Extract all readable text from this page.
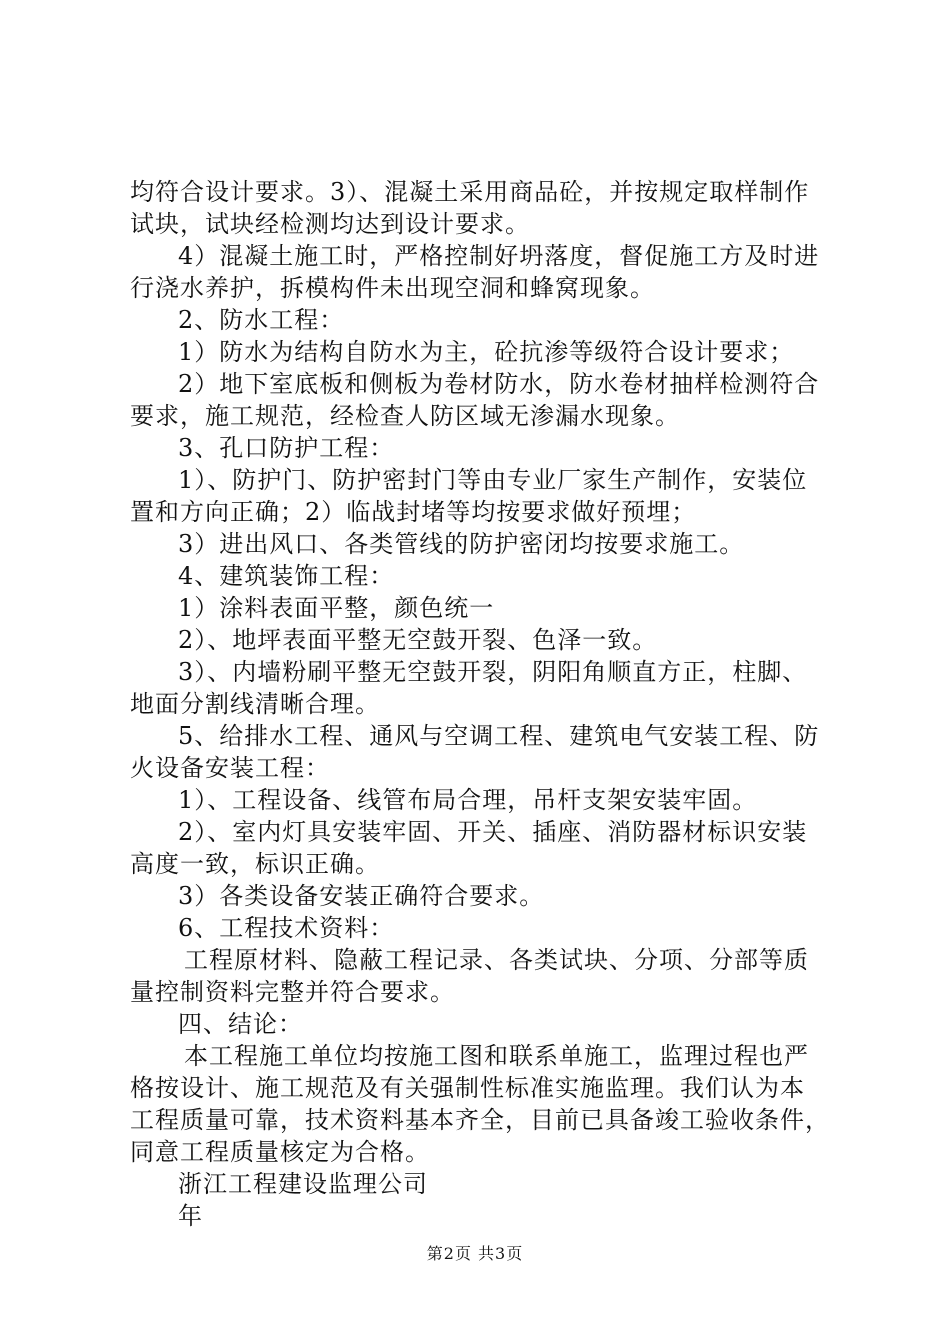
均符合设计要求。3）、混凝土采用商品砼，并按规定取样制作
试块，试块经检测均达到设计要求。
4）混凝土施工时，严格控制好坍落度，督促施工方及时进
行浇水养护，拆模构件未出现空洞和蜂窝现象。
2、防水工程：
1）防水为结构自防水为主，砼抗渗等级符合设计要求；
2）地下室底板和侧板为卷材防水，防水卷材抽样检测符合
要求，施工规范，经检查人防区域无渗漏水现象。
3、孔口防护工程：
1）、防护门、防护密封门等由专业厂家生产制作，安装位
置和方向正确；2）临战封堵等均按要求做好预埋；
3）进出风口、各类管线的防护密闭均按要求施工。
4、建筑装饰工程：
1）涂料表面平整，颜色统一
2）、地坪表面平整无空鼓开裂、色泽一致。
3）、内墙粉刷平整无空鼓开裂，阴阳角顺直方正，柱脚、
地面分割线清晰合理。
5、给排水工程、通风与空调工程、建筑电气安装工程、防
火设备安装工程：
1）、工程设备、线管布局合理，吊杆支架安装牢固。
2）、室内灯具安装牢固、开关、插座、消防器材标识安装
高度一致，标识正确。
3）各类设备安装正确符合要求。
6、工程技术资料：
工程原材料、隐蔽工程记录、各类试块、分项、分部等质
量控制资料完整并符合要求。
四、结论：
本工程施工单位均按施工图和联系单施工，监理过程也严
格按设计、施工规范及有关强制性标准实施监理。我们认为本
工程质量可靠，技术资料基本齐全，目前已具备竣工验收条件，
同意工程质量核定为合格。
浙江工程建设监理公司
年
第2页 共3页
